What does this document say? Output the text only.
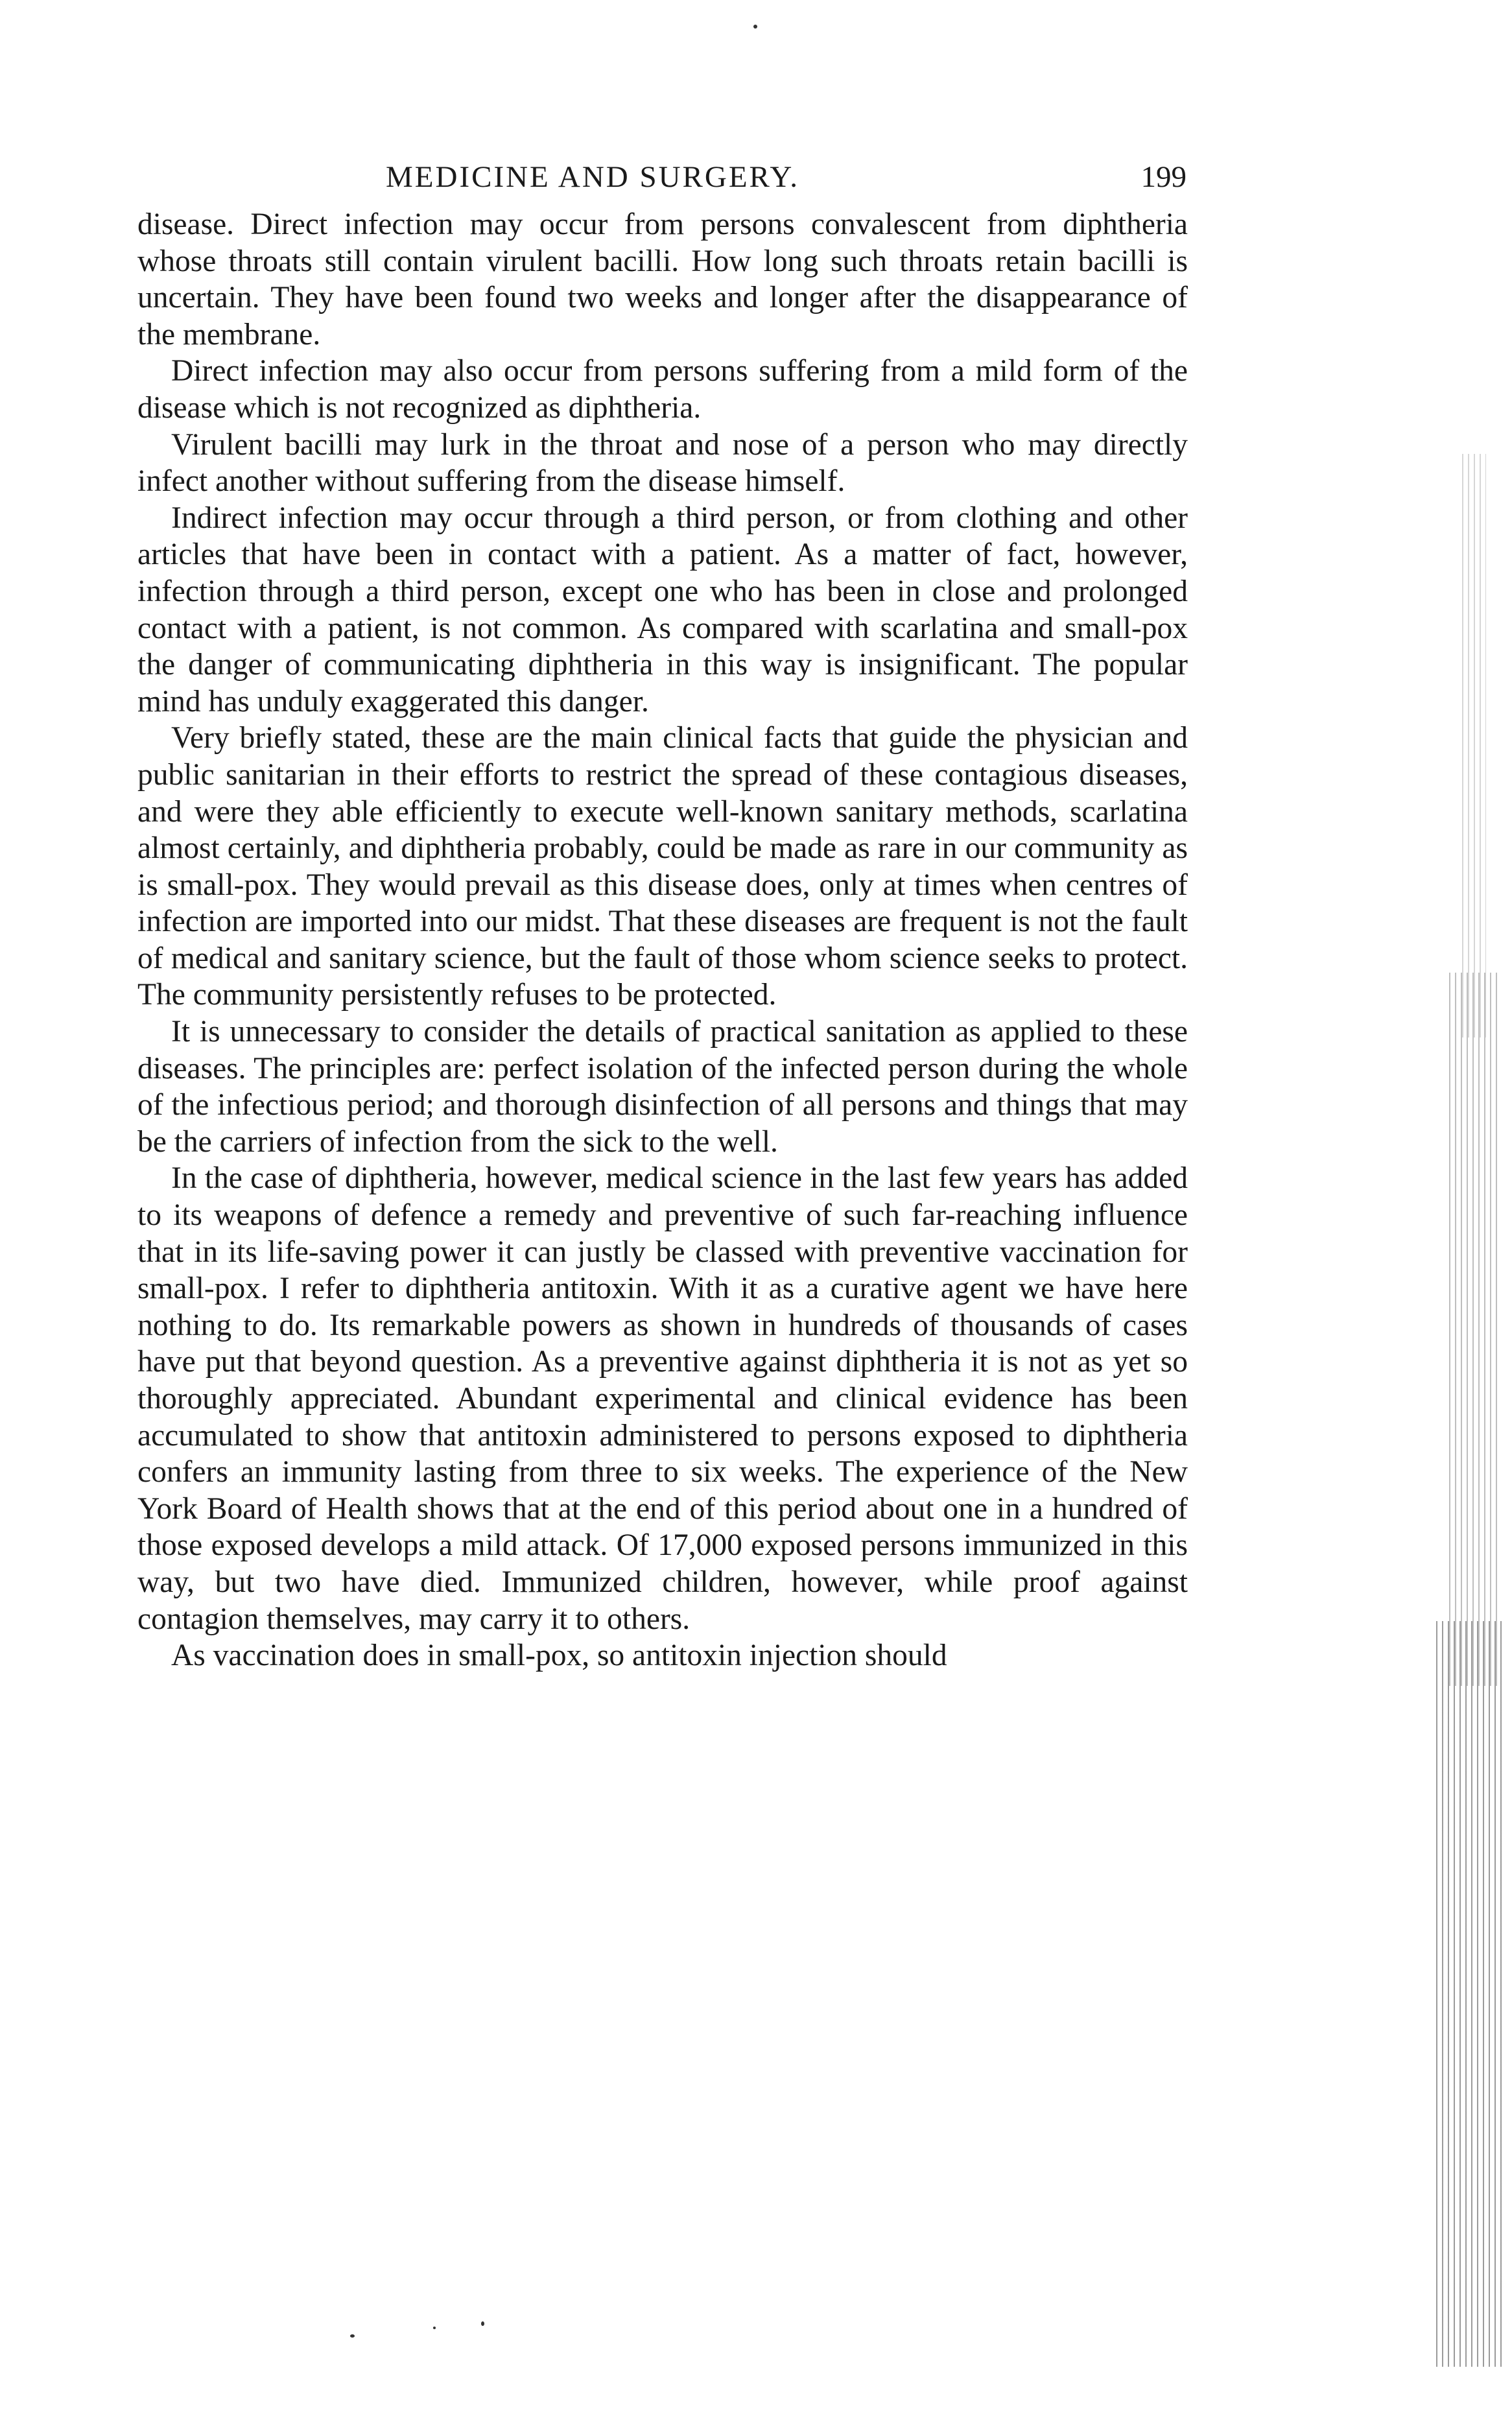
MEDICINE AND SURGERY.	199

disease. Direct infection may occur from persons convalescent from diphtheria whose throats still contain virulent bacilli. How long such throats retain bacilli is uncertain. They have been found two weeks and longer after the disappearance of the membrane.

Direct infection may also occur from persons suffering from a mild form of the disease which is not recognized as diphtheria.

Virulent bacilli may lurk in the throat and nose of a person who may directly infect another without suffering from the disease himself.

Indirect infection may occur through a third person, or from clothing and other articles that have been in contact with a patient. As a matter of fact, however, infection through a third person, except one who has been in close and prolonged contact with a patient, is not common. As compared with scarlatina and small-pox the danger of communicating diphtheria in this way is insignificant. The popular mind has unduly exaggerated this danger.

Very briefly stated, these are the main clinical facts that guide the physician and public sanitarian in their efforts to restrict the spread of these contagious diseases, and were they able efficiently to execute well-known sanitary methods, scarlatina almost certainly, and diphtheria probably, could be made as rare in our community as is small-pox. They would prevail as this disease does, only at times when centres of infection are imported into our midst. That these diseases are frequent is not the fault of medical and sanitary science, but the fault of those whom science seeks to protect. The community persistently refuses to be protected.

It is unnecessary to consider the details of practical sanitation as applied to these diseases. The principles are: perfect isolation of the infected person during the whole of the infectious period; and thorough disinfection of all persons and things that may be the carriers of infection from the sick to the well.

In the case of diphtheria, however, medical science in the last few years has added to its weapons of defence a remedy and preventive of such far-reaching influence that in its life-saving power it can justly be classed with preventive vaccination for small-pox. I refer to diphtheria antitoxin. With it as a curative agent we have here nothing to do. Its remarkable powers as shown in hundreds of thousands of cases have put that beyond question. As a preventive against diphtheria it is not as yet so thoroughly appreciated. Abundant experimental and clinical evidence has been accumulated to show that antitoxin administered to persons exposed to diphtheria confers an immunity lasting from three to six weeks. The experience of the New York Board of Health shows that at the end of this period about one in a hundred of those exposed develops a mild attack. Of 17,000 exposed persons immunized in this way, but two have died. Immunized children, however, while proof against contagion themselves, may carry it to others.

As vaccination does in small-pox, so antitoxin injection should
